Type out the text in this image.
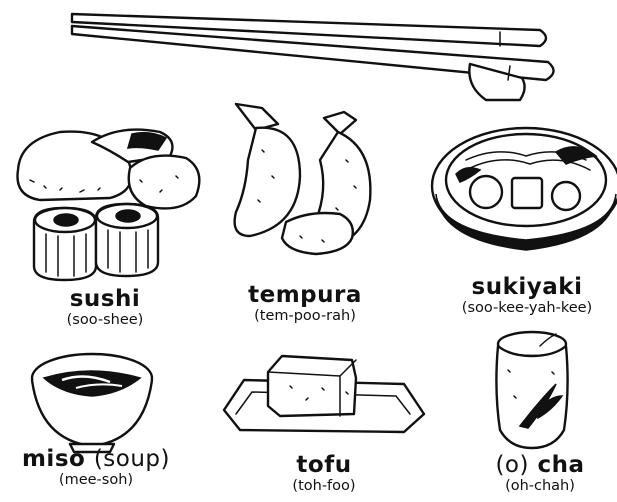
sushi
(soo-shee)
tempura
(tem-poo-rah)
sukiyaki
(soo-kee-yah-kee)
miso (soup)
(mee-soh)
tofu
(toh-foo)
(o) cha
(oh-chah)
